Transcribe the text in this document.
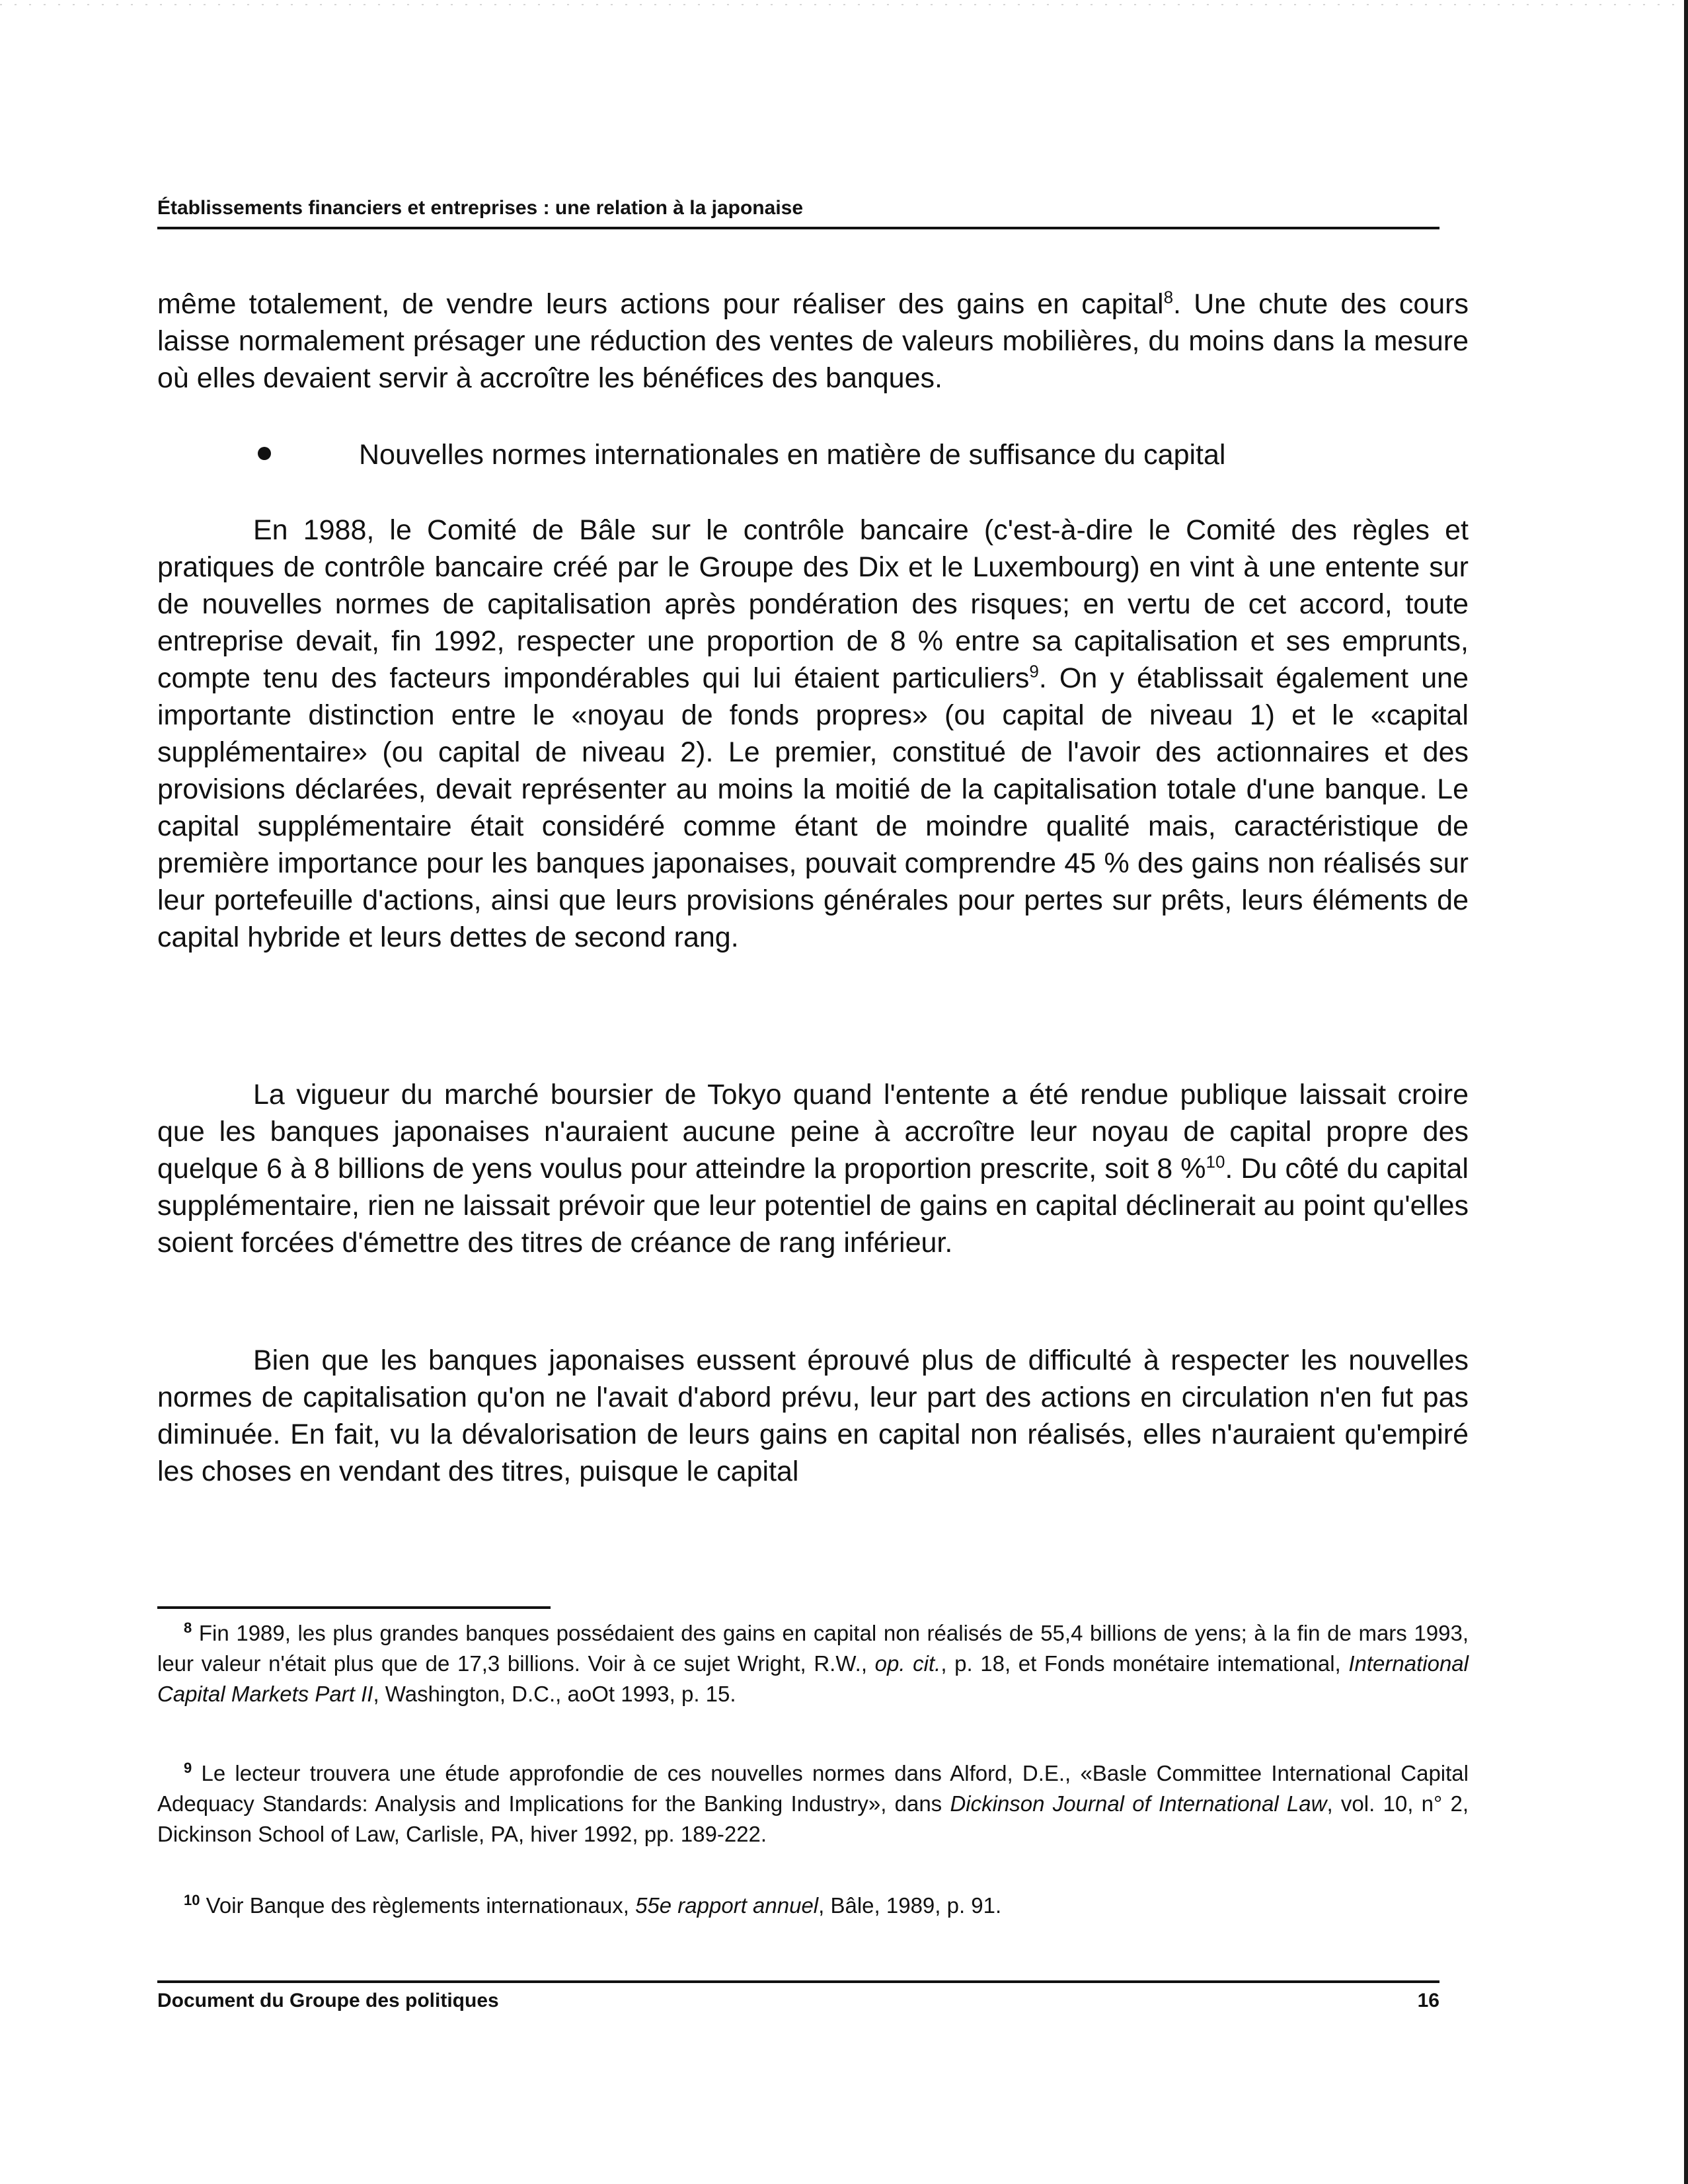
Établissements financiers et entreprises : une relation à la japonaise

même totalement, de vendre leurs actions pour réaliser des gains en capital$^8$. Une chute des cours laisse normalement présager une réduction des ventes de valeurs mobilières, du moins dans la mesure où elles devaient servir à accroître les bénéfices des banques.

Nouvelles normes internationales en matière de suffisance du capital

En 1988, le Comité de Bâle sur le contrôle bancaire (c'est-à-dire le Comité des règles et pratiques de contrôle bancaire créé par le Groupe des Dix et le Luxembourg) en vint à une entente sur de nouvelles normes de capitalisation après pondération des risques; en vertu de cet accord, toute entreprise devait, fin 1992, respecter une proportion de 8 % entre sa capitalisation et ses emprunts, compte tenu des facteurs impondérables qui lui étaient particuliers$^9$. On y établissait également une importante distinction entre le «noyau de fonds propres» (ou capital de niveau 1) et le «capital supplémentaire» (ou capital de niveau 2). Le premier, constitué de l'avoir des actionnaires et des provisions déclarées, devait représenter au moins la moitié de la capitalisation totale d'une banque. Le capital supplémentaire était considéré comme étant de moindre qualité mais, caractéristique de première importance pour les banques japonaises, pouvait comprendre 45 % des gains non réalisés sur leur portefeuille d'actions, ainsi que leurs provisions générales pour pertes sur prêts, leurs éléments de capital hybride et leurs dettes de second rang.

La vigueur du marché boursier de Tokyo quand l'entente a été rendue publique laissait croire que les banques japonaises n'auraient aucune peine à accroître leur noyau de capital propre des quelque 6 à 8 billions de yens voulus pour atteindre la proportion prescrite, soit 8 %$^{10}$. Du côté du capital supplémentaire, rien ne laissait prévoir que leur potentiel de gains en capital déclinerait au point qu'elles soient forcées d'émettre des titres de créance de rang inférieur.

Bien que les banques japonaises eussent éprouvé plus de difficulté à respecter les nouvelles normes de capitalisation qu'on ne l'avait d'abord prévu, leur part des actions en circulation n'en fut pas diminuée. En fait, vu la dévalorisation de leurs gains en capital non réalisés, elles n'auraient qu'empiré les choses en vendant des titres, puisque le capital

$^8$ Fin 1989, les plus grandes banques possédaient des gains en capital non réalisés de 55,4 billions de yens; à la fin de mars 1993, leur valeur n'était plus que de 17,3 billions. Voir à ce sujet Wright, R.W., op. cit., p. 18, et Fonds monétaire intemational, International Capital Markets Part II, Washington, D.C., aoOt 1993, p. 15.

$^9$ Le lecteur trouvera une étude approfondie de ces nouvelles normes dans Alford, D.E., «Basle Committee International Capital Adequacy Standards: Analysis and Implications for the Banking Industry», dans Dickinson Journal of International Law, vol. 10, n° 2, Dickinson School of Law, Carlisle, PA, hiver 1992, pp. 189-222.

$^{10}$ Voir Banque des règlements internationaux, 55e rapport annuel, Bâle, 1989, p. 91.

Document du Groupe des politiques	16
